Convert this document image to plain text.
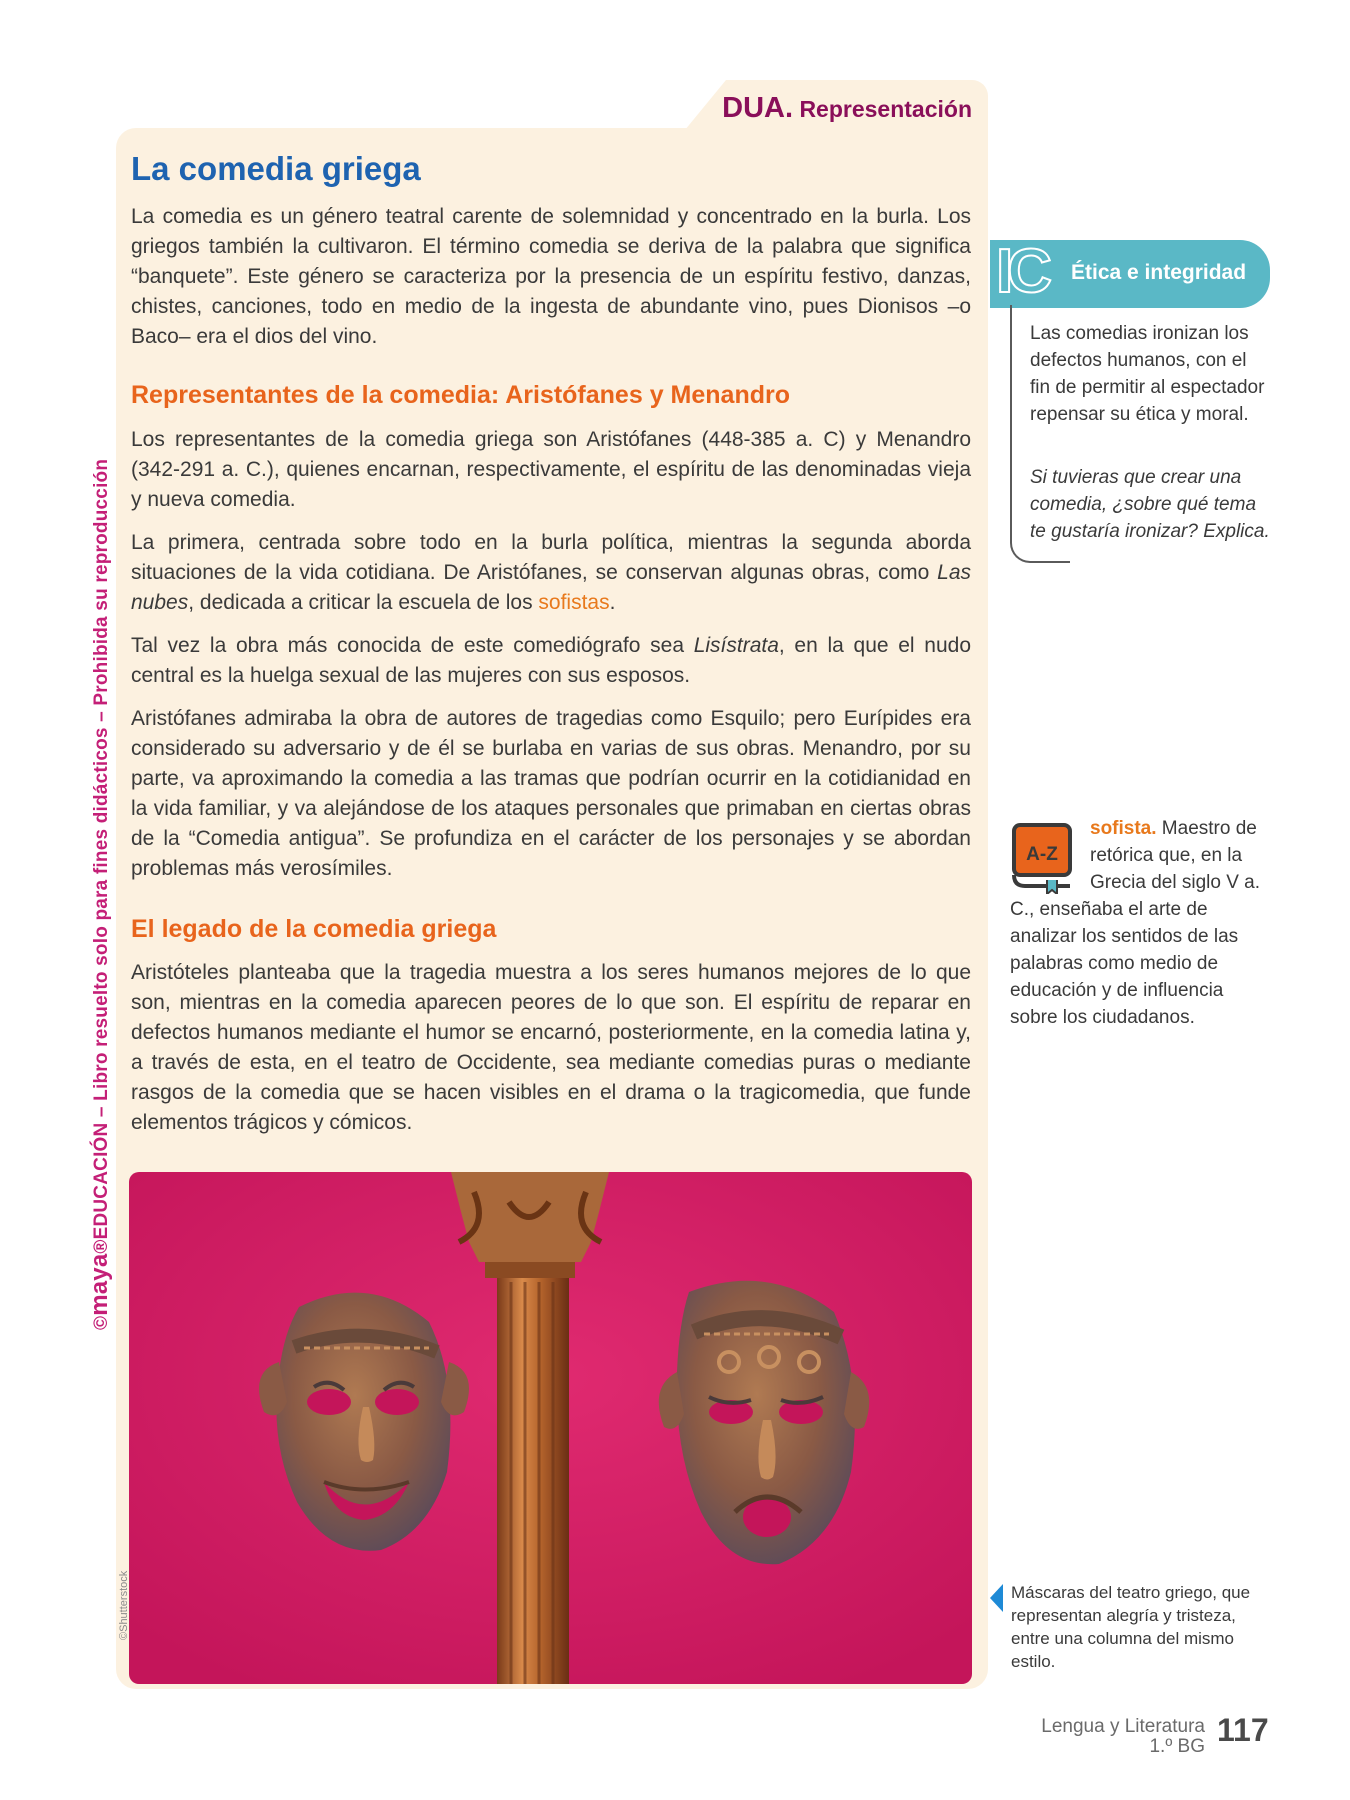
DUA. Representación
La comedia griega

La comedia es un género teatral carente de solemnidad y concentrado en la burla. Los griegos también la cultivaron. El término comedia se deriva de la palabra que significa “banquete”. Este género se caracteriza por la presencia de un espíritu festivo, danzas, chistes, canciones, todo en medio de la ingesta de abundante vino, pues Dionisos –o Baco– era el dios del vino.

Representantes de la comedia: Aristófanes y Menandro

Los representantes de la comedia griega son Aristófanes (448-385 a. C) y Menandro (342-291 a. C.), quienes encarnan, respectivamente, el espíritu de las denominadas vieja y nueva comedia.

La primera, centrada sobre todo en la burla política, mientras la segunda aborda situaciones de la vida cotidiana. De Aristófanes, se conservan algunas obras, como Las nubes, dedicada a criticar la escuela de los sofistas.

Tal vez la obra más conocida de este comediógrafo sea Lisístrata, en la que el nudo central es la huelga sexual de las mujeres con sus esposos.

Aristófanes admiraba la obra de autores de tragedias como Esquilo; pero Eurípides era considerado su adversario y de él se burlaba en varias de sus obras. Menandro, por su parte, va aproximando la comedia a las tramas que podrían ocurrir en la cotidianidad en la vida familiar, y va alejándose de los ataques personales que primaban en ciertas obras de la “Comedia antigua”. Se profundiza en el carácter de los personajes y se abordan problemas más verosímiles.

El legado de la comedia griega

Aristóteles planteaba que la tragedia muestra a los seres humanos mejores de lo que son, mientras en la comedia aparecen peores de lo que son. El espíritu de reparar en defectos humanos mediante el humor se encarnó, posteriormente, en la comedia latina y, a través de esta, en el teatro de Occidente, sea mediante comedias puras o mediante rasgos de la comedia que se hacen visibles en el drama o la tragicomedia, que funde elementos trágicos y cómicos.

©maya®EDUCACIÓN – Libro resuelto solo para fines didácticos – Prohibida su reproducción
©Shutterstock
IC Ética e integridad

Las comedias ironizan los defectos humanos, con el fin de permitir al espectador repensar su ética y moral.

Si tuvieras que crear una comedia, ¿sobre qué tema te gustaría ironizar? Explica.

A-Z

sofista. Maestro de retórica que, en la Grecia del siglo V a. C., enseñaba el arte de analizar los sentidos de las palabras como medio de educación y de influencia sobre los ciudadanos.

Máscaras del teatro griego, que representan alegría y tristeza, entre una columna del mismo estilo.

Lengua y Literatura
1.º BG 117
